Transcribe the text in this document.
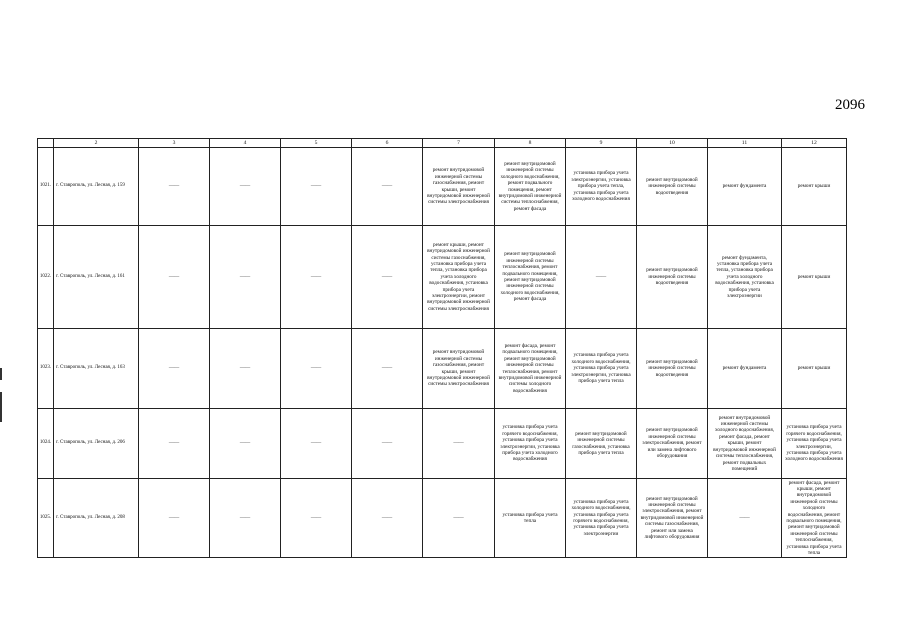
2096
	2	3	4	5	6	7	8	9	10	11	12
1021.	г. Ставрополь, ул. Лесная, д. 159	——	——	——	——	ремонт внутридомовой инженерной системы газоснабжения, ремонт крыши, ремонт внутридомовой инженерной системы электроснабжения	ремонт внутридомовой инженерной системы холодного водоснабжения, ремонт подвального помещения, ремонт внутридомовой инженерной системы теплоснабжения, ремонт фасада	установка прибора учета электроэнергии, установка прибора учета тепла, установка прибора учета холодного водоснабжения	ремонт внутридомовой инженерной системы водоотведения	ремонт фундамента	ремонт крыши
1022.	г. Ставрополь, ул. Лесная, д. 161	——	——	——	——	ремонт крыши, ремонт внутридомовой инженерной системы газоснабжения, установка прибора учета тепла, установка прибора учета холодного водоснабжения, установка прибора учета электроэнергии, ремонт внутридомовой инженерной системы электроснабжения	ремонт внутридомовой инженерной системы теплоснабжения, ремонт подвального помещения, ремонт внутридомовой инженерной системы холодного водоснабжения, ремонт фасада	——	ремонт внутридомовой инженерной системы водоотведения	ремонт фундамента, установка прибора учета тепла, установка прибора учета холодного водоснабжения, установка прибора учета электроэнергии	ремонт крыши
1023.	г. Ставрополь, ул. Лесная, д. 163	——	——	——	——	ремонт внутридомовой инженерной системы газоснабжения, ремонт крыши, ремонт внутридомовой инженерной системы электроснабжения	ремонт фасада, ремонт подвального помещения, ремонт внутридомовой инженерной системы теплоснабжения, ремонт внутридомовой инженерной системы холодного водоснабжения	установка прибора учета холодного водоснабжения, установка прибора учета электроэнергии, установка прибора учета тепла	ремонт внутридомовой инженерной системы водоотведения	ремонт фундамента	ремонт крыши
1024.	г. Ставрополь, ул. Лесная, д. 206	——	——	——	——	——	установка прибора учета горячего водоснабжения, установка прибора учета электроэнергии, установка прибора учета холодного водоснабжения	ремонт внутридомовой инженерной системы газоснабжения, установка прибора учета тепла	ремонт внутридомовой инженерной системы электроснабжения, ремонт или замена лифтового оборудования	ремонт внутридомовой инженерной системы холодного водоснабжения, ремонт фасада, ремонт крыши, ремонт внутридомовой инженерной системы теплоснабжения, ремонт подвальных помещений	установка прибора учета горячего водоснабжения, установка прибора учета электроэнергии, установка прибора учета холодного водоснабжения
1025.	г. Ставрополь, ул. Лесная, д. 208	——	——	——	——	——	установка прибора учета тепла	установка прибора учета холодного водоснабжения, установка прибора учета горячего водоснабжения, установка прибора учета электроэнергии	ремонт внутридомовой инженерной системы электроснабжения, ремонт внутридомовой инженерной системы газоснабжения, ремонт или замена лифтового оборудования	——	ремонт фасада, ремонт крыши, ремонт внутридомовой инженерной системы холодного водоснабжения, ремонт подвального помещения, ремонт внутридомовой инженерной системы теплоснабжения, установка прибора учета тепла
